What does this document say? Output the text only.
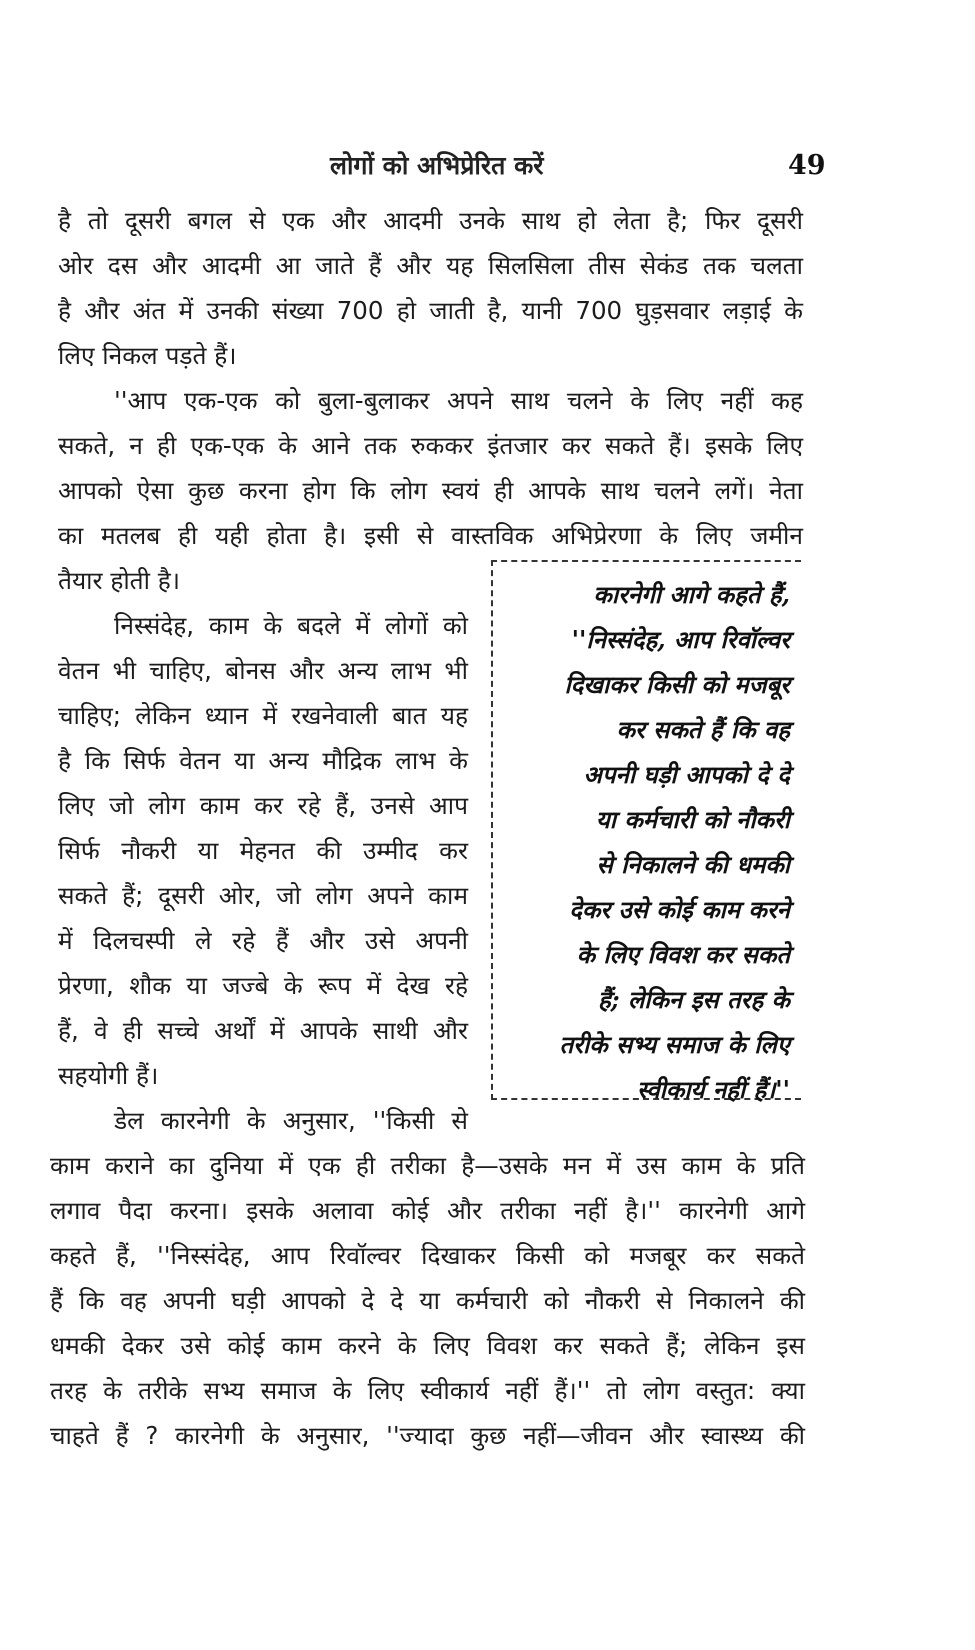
लोगों को अभिप्रेरित करें	49
है तो दूसरी बगल से एक और आदमी उनके साथ हो लेता है; फिर दूसरी
ओर दस और आदमी आ जाते हैं और यह सिलसिला तीस सेकंड तक चलता
है और अंत में उनकी संख्या 700 हो जाती है, यानी 700 घुड़सवार लड़ाई के
लिए निकल पड़ते हैं।
''आप एक-एक को बुला-बुलाकर अपने साथ चलने के लिए नहीं कह
सकते, न ही एक-एक के आने तक रुककर इंतजार कर सकते हैं। इसके लिए
आपको ऐसा कुछ करना होग कि लोग स्वयं ही आपके साथ चलने लगें। नेता
का मतलब ही यही होता है। इसी से वास्तविक अभिप्रेरणा के लिए जमीन
तैयार होती है।
निस्संदेह, काम के बदले में लोगों को
वेतन भी चाहिए, बोनस और अन्य लाभ भी
चाहिए; लेकिन ध्यान में रखनेवाली बात यह
है कि सिर्फ वेतन या अन्य मौद्रिक लाभ के
लिए जो लोग काम कर रहे हैं, उनसे आप
सिर्फ नौकरी या मेहनत की उम्मीद कर
सकते हैं; दूसरी ओर, जो लोग अपने काम
में दिलचस्पी ले रहे हैं और उसे अपनी
प्रेरणा, शौक या जज्बे के रूप में देख रहे
हैं, वे ही सच्चे अर्थों में आपके साथी और
सहयोगी हैं।
डेल कारनेगी के अनुसार, ''किसी से
काम कराने का दुनिया में एक ही तरीका है—उसके मन में उस काम के प्रति
लगाव पैदा करना। इसके अलावा कोई और तरीका नहीं है।'' कारनेगी आगे
कहते हैं, ''निस्संदेह, आप रिवॉल्वर दिखाकर किसी को मजबूर कर सकते
हैं कि वह अपनी घड़ी आपको दे दे या कर्मचारी को नौकरी से निकालने की
धमकी देकर उसे कोई काम करने के लिए विवश कर सकते हैं; लेकिन इस
तरह के तरीके सभ्य समाज के लिए स्वीकार्य नहीं हैं।'' तो लोग वस्तुत: क्या
चाहते हैं ? कारनेगी के अनुसार, ''ज्यादा कुछ नहीं—जीवन और स्वास्थ्य की
कारनेगी आगे कहते हैं,
''निस्संदेह, आप रिवॉल्वर
दिखाकर किसी को मजबूर
कर सकते हैं कि वह
अपनी घड़ी आपको दे दे
या कर्मचारी को नौकरी
से निकालने की धमकी
देकर उसे कोई काम करने
के लिए विवश कर सकते
हैं; लेकिन इस तरह के
तरीके सभ्य समाज के लिए
स्वीकार्य नहीं हैं।''
